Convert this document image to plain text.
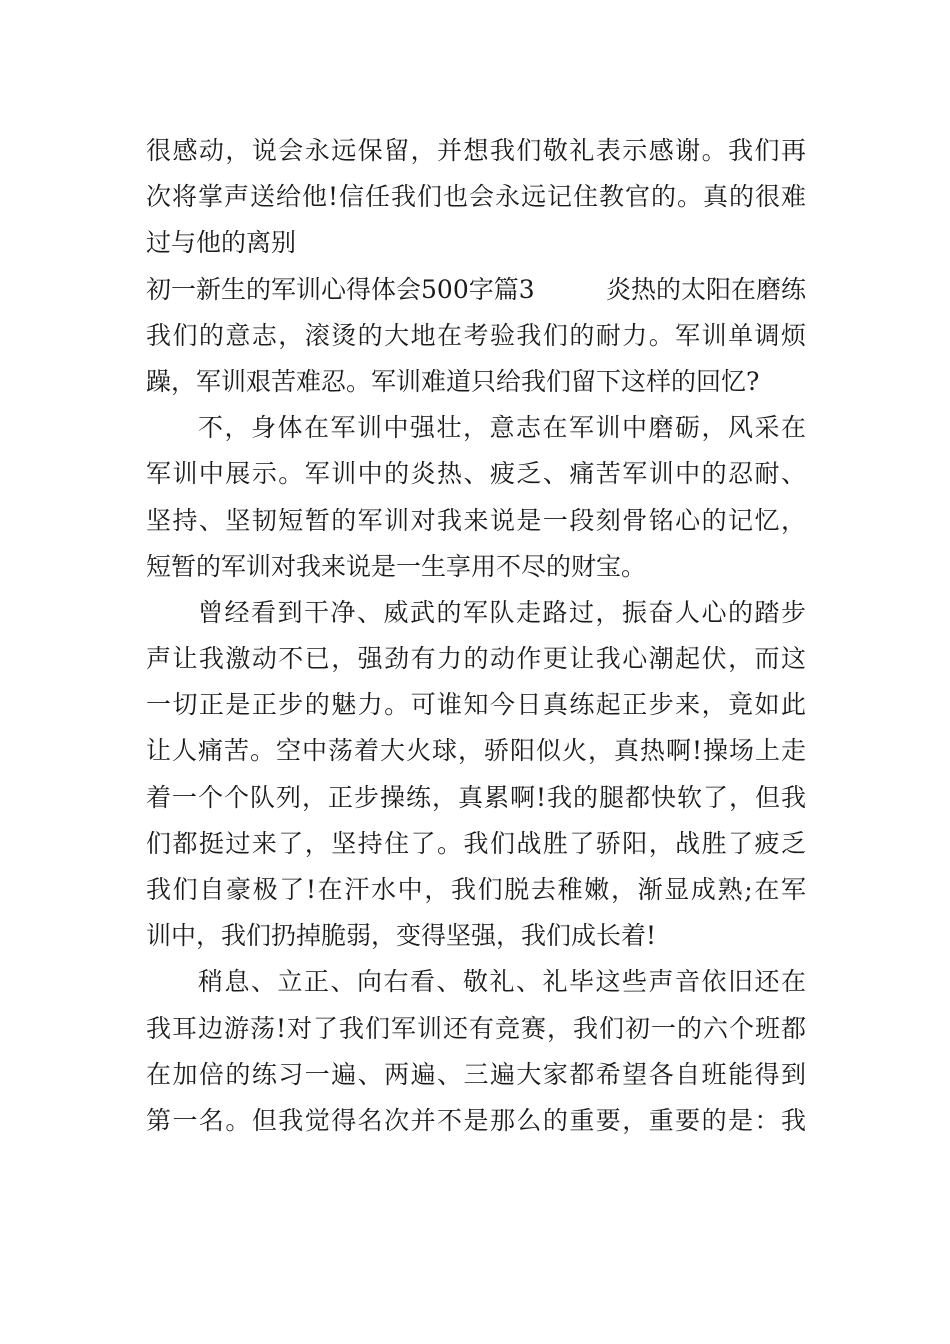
很感动，说会永远保留，并想我们敬礼表示感谢。我们再
次将掌声送给他!信任我们也会永远记住教官的。真的很难
过与他的离别
初一新生的军训心得体会500字篇3	炎热的太阳在磨练
我们的意志，滚烫的大地在考验我们的耐力。军训单调烦
躁，军训艰苦难忍。军训难道只给我们留下这样的回忆?
不，身体在军训中强壮，意志在军训中磨砺，风采在
军训中展示。军训中的炎热、疲乏、痛苦军训中的忍耐、
坚持、坚韧短暂的军训对我来说是一段刻骨铭心的记忆，
短暂的军训对我来说是一生享用不尽的财宝。
曾经看到干净、威武的军队走路过，振奋人心的踏步
声让我激动不已，强劲有力的动作更让我心潮起伏，而这
一切正是正步的魅力。可谁知今日真练起正步来，竟如此
让人痛苦。空中荡着大火球，骄阳似火，真热啊!操场上走
着一个个队列，正步操练，真累啊!我的腿都快软了，但我
们都挺过来了，坚持住了。我们战胜了骄阳，战胜了疲乏
我们自豪极了!在汗水中，我们脱去稚嫩，渐显成熟;在军
训中，我们扔掉脆弱，变得坚强，我们成长着!
稍息、立正、向右看、敬礼、礼毕这些声音依旧还在
我耳边游荡!对了我们军训还有竞赛，我们初一的六个班都
在加倍的练习一遍、两遍、三遍大家都希望各自班能得到
第一名。但我觉得名次并不是那么的重要，重要的是：我
